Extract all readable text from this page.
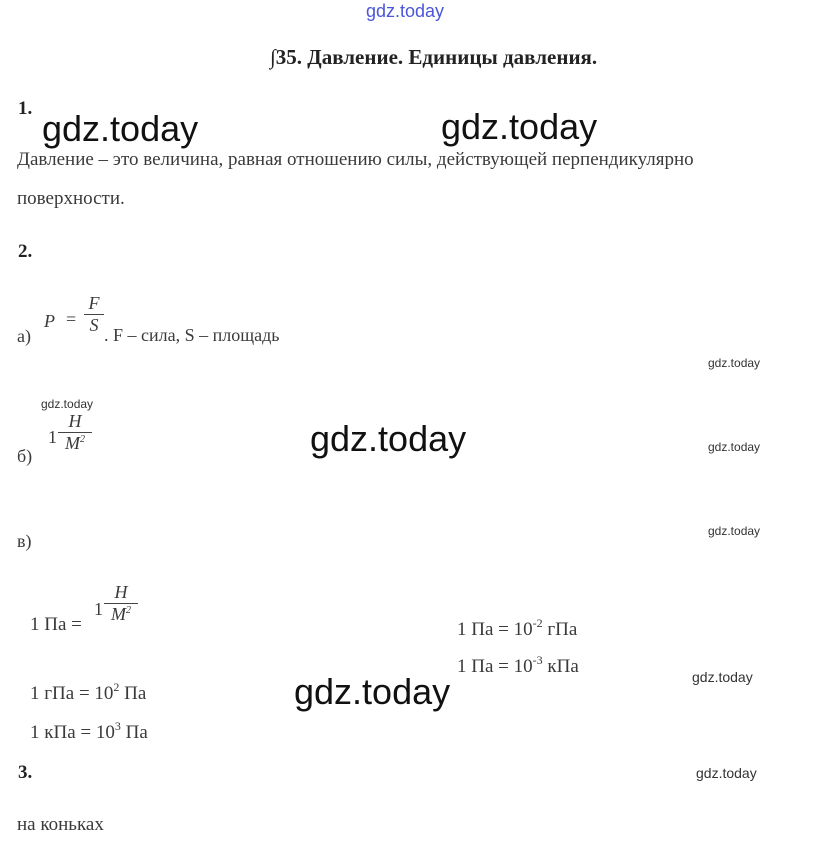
gdz.today
gdz.today	gdz.today
gdz.today
gdz.today
gdz.today	gdz.today
gdz.today
gdz.today
gdz.today
gdz.today
∫35. Давление. Единицы давления.
1.
Давление – это величина, равная отношению силы, действующей перпендикулярно
поверхности.
2.
а)
P =
F
S . F – сила, S – площадь
б)
1
H
$M^2$
в)
1 Па =
1
H
$M^2$
1 гПа = $10^2$ Па
1 кПа = $10^3$ Па
1 Па = $10^{-2}$ гПа
1 Па = $10^{-3}$ кПа
3.
на коньках
